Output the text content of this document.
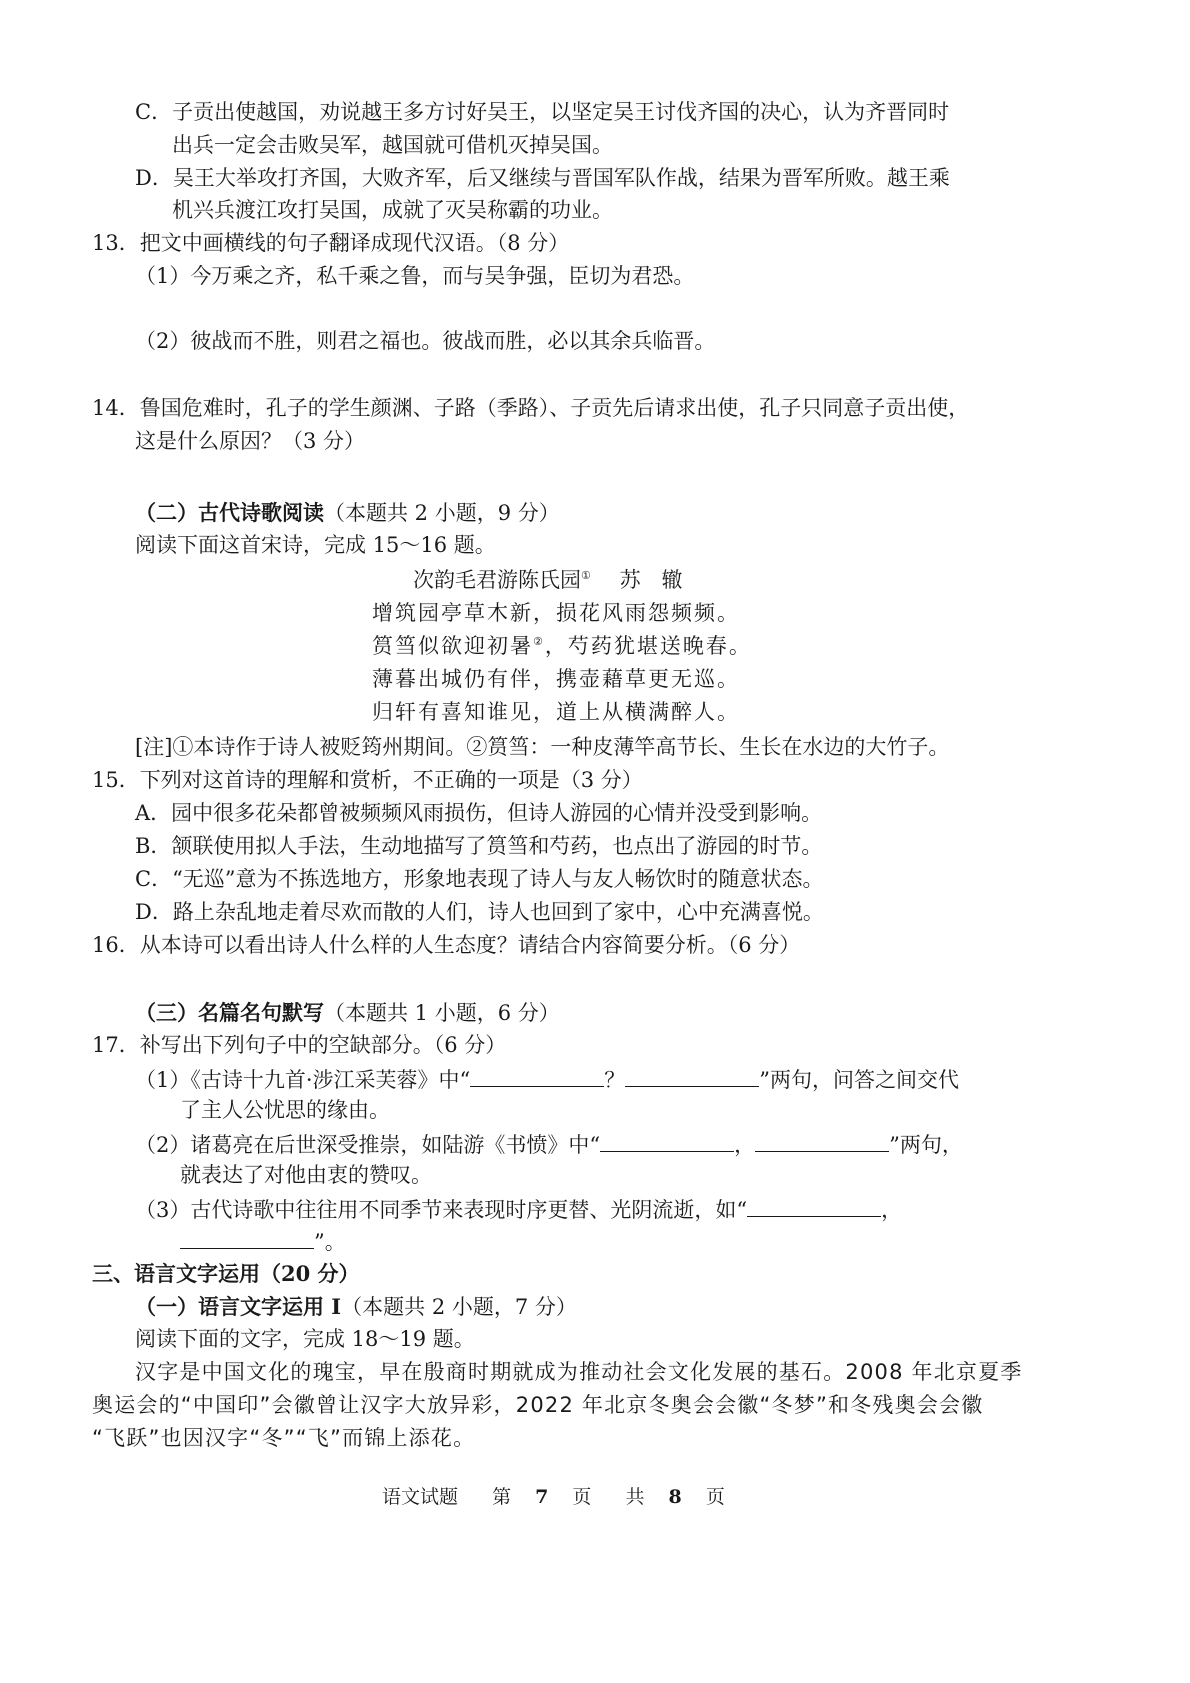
C．子贡出使越国，劝说越王多方讨好吴王，以坚定吴王讨伐齐国的决心，认为齐晋同时
出兵一定会击败吴军，越国就可借机灭掉吴国。
D．吴王大举攻打齐国，大败齐军，后又继续与晋国军队作战，结果为晋军所败。越王乘
机兴兵渡江攻打吴国，成就了灭吴称霸的功业。
13．把文中画横线的句子翻译成现代汉语。（8 分）
（1）今万乘之齐，私千乘之鲁，而与吴争强，臣切为君恐。
（2）彼战而不胜，则君之福也。彼战而胜，必以其余兵临晋。
14．鲁国危难时，孔子的学生颜渊、子路（季路）、子贡先后请求出使，孔子只同意子贡出使，
这是什么原因？（3 分）
（二）古代诗歌阅读（本题共 2 小题，9 分）
阅读下面这首宋诗，完成 15～16 题。
次韵毛君游陈氏园① 苏　辙
增筑园亭草木新，损花风雨怨频频。
筼筜似欲迎初暑②，芍药犹堪送晚春。
薄暮出城仍有伴，携壶藉草更无巡。
归轩有喜知谁见，道上从横满醉人。
[注]①本诗作于诗人被贬筠州期间。②筼筜：一种皮薄竿高节长、生长在水边的大竹子。
15．下列对这首诗的理解和赏析，不正确的一项是（3 分）
A．园中很多花朵都曾被频频风雨损伤，但诗人游园的心情并没受到影响。
B．颔联使用拟人手法，生动地描写了筼筜和芍药，也点出了游园的时节。
C．“无巡”意为不拣选地方，形象地表现了诗人与友人畅饮时的随意状态。
D．路上杂乱地走着尽欢而散的人们，诗人也回到了家中，心中充满喜悦。
16．从本诗可以看出诗人什么样的人生态度？请结合内容简要分析。（6 分）
（三）名篇名句默写（本题共 1 小题，6 分）
17．补写出下列句子中的空缺部分。（6 分）
（1）《古诗十九首·涉江采芙蓉》中“	？	”两句，问答之间交代
了主人公忧思的缘由。
（2）诸葛亮在后世深受推崇，如陆游《书愤》中“	，	”两句，
就表达了对他由衷的赞叹。
（3）古代诗歌中往往用不同季节来表现时序更替、光阴流逝，如“	，
”。
三、语言文字运用（20 分）
（一）语言文字运用 I（本题共 2 小题，7 分）
阅读下面的文字，完成 18～19 题。
汉字是中国文化的瑰宝，早在殷商时期就成为推动社会文化发展的基石。2008 年北京夏季
奥运会的“中国印”会徽曾让汉字大放异彩，2022 年北京冬奥会会徽“冬梦”和冬残奥会会徽
“飞跃”也因汉字“冬”“飞”而锦上添花。
语文试题 第 7 页 共 8 页
